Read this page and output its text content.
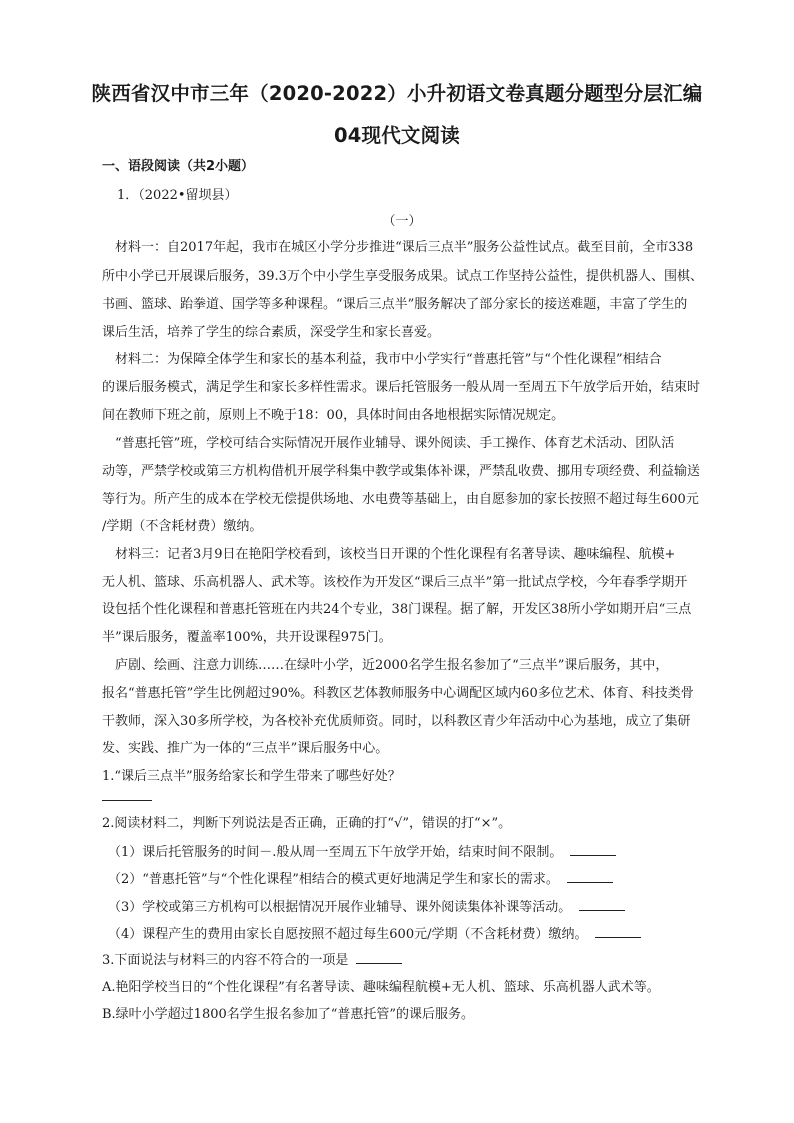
陕西省汉中市三年（2020-2022）小升初语文卷真题分题型分层汇编
04现代文阅读
一、语段阅读（共2小题）
1．（2022•留坝县）
（一）
材料一：自2017年起，我市在城区小学分步推进“课后三点半”服务公益性试点。截至目前，全市338
所中小学已开展课后服务，39.3万个中小学生享受服务成果。试点工作坚持公益性，提供机器人、围棋、
书画、篮球、跆拳道、国学等多种课程。“课后三点半”服务解决了部分家长的接送难题，丰富了学生的
课后生活，培养了学生的综合素质，深受学生和家长喜爱。
材料二：为保障全体学生和家长的基本利益，我市中小学实行“普惠托管”与“个性化课程”相结合
的课后服务模式，满足学生和家长多样性需求。课后托管服务一般从周一至周五下午放学后开始，结束时
间在教师下班之前，原则上不晚于18：00，具体时间由各地根据实际情况规定。
“普惠托管”班，学校可结合实际情况开展作业辅导、课外阅读、手工操作、体育艺术活动、团队活
动等，严禁学校或第三方机构借机开展学科集中教学或集体补课，严禁乱收费、挪用专项经费、利益输送
等行为。所产生的成本在学校无偿提供场地、水电费等基础上，由自愿参加的家长按照不超过每生600元
/学期（不含耗材费）缴纳。
材料三：记者3月9日在艳阳学校看到，该校当日开课的个性化课程有名著导读、趣味编程、航模+
无人机、篮球、乐高机器人、武术等。该校作为开发区“课后三点半”第一批试点学校，今年春季学期开
设包括个性化课程和普惠托管班在内共24个专业，38门课程。据了解，开发区38所小学如期开启“三点
半”课后服务，覆盖率100%，共开设课程975门。
庐剧、绘画、注意力训练……在绿叶小学，近2000名学生报名参加了“三点半”课后服务，其中，
报名“普惠托管”学生比例超过90%。科教区艺体教师服务中心调配区域内60多位艺术、体育、科技类骨
干教师，深入30多所学校，为各校补充优质师资。同时，以科教区青少年活动中心为基地，成立了集研
发、实践、推广为一体的“三点半”课后服务中心。
1.“课后三点半”服务给家长和学生带来了哪些好处？
2.阅读材料二，判断下列说法是否正确，正确的打“√”，错误的打“×”。
（1）课后托管服务的时间－.般从周一至周五下午放学开始，结束时间不限制。
（2）“普惠托管”与“个性化课程”相结合的模式更好地满足学生和家长的需求。
（3）学校或第三方机构可以根据情况开展作业辅导、课外阅读集体补课等活动。
（4）课程产生的费用由家长自愿按照不超过每生600元/学期（不含耗材费）缴纳。
3.下面说法与材料三的内容不符合的一项是
A.艳阳学校当日的“个性化课程”有名著导读、趣味编程航模+无人机、篮球、乐高机器人武术等。
B.绿叶小学超过1800名学生报名参加了“普惠托管”的课后服务。
